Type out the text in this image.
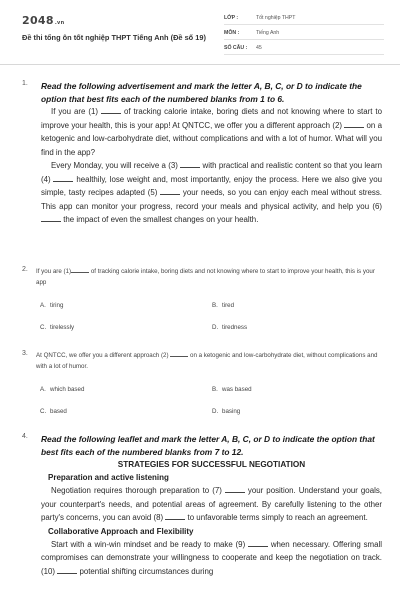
2048.vn
Đề thi tổng ôn tốt nghiệp THPT Tiếng Anh (Đề số 19)
LỚP :	Tốt nghiệp THPT
MÔN :	Tiếng Anh
SỐ CÂU : 45
1. Read the following advertisement and mark the letter A, B, C, or D to indicate the option that best fits each of the numbered blanks from 1 to 6.

If you are (1)	of tracking calorie intake, boring diets and not knowing where to start to improve your health, this is your app! At QNTCC, we offer you a different approach (2)	on a ketogenic and low-carbohydrate diet, without complications and with a lot of humor. What will you find in the app?

Every Monday, you will receive a (3)	with practical and realistic content so that you learn (4)	healthily, lose weight and, most importantly, enjoy the process. Here we also give you simple, tasty recipes adapted (5)	your needs, so you can enjoy each meal without stress. This app can monitor your progress, record your meals and physical activity, and help you (6)  the impact of even the smallest changes on your health.

2. If you are (1)	of tracking calorie intake, boring diets and not knowing where to start to improve your health, this is your app
A. tiring	B. tired
C. tirelessly	D. tiredness
3. At QNTCC, we offer you a different approach (2)	on a ketogenic and low-carbohydrate diet, without complications and with a lot of humor.
A. which based	B. was based
C. based	D. basing
4. Read the following leaflet and mark the letter A, B, C, or D to indicate the option that best fits each of the numbered blanks from 7 to 12.
STRATEGIES FOR SUCCESSFUL NEGOTIATION
Preparation and active listening

Negotiation requires thorough preparation to (7)	your position. Understand your goals, your counterpart's needs, and potential areas of agreement. By carefully listening to the other party's concerns, you can avoid (8)	to unfavorable terms simply to reach an agreement.

Collaborative Approach and Flexibility

Start with a win-win mindset and be ready to make (9)	when necessary. Offering small compromises can demonstrate your willingness to cooperate and keep the negotiation on track. (10)	potential shifting circumstances during
